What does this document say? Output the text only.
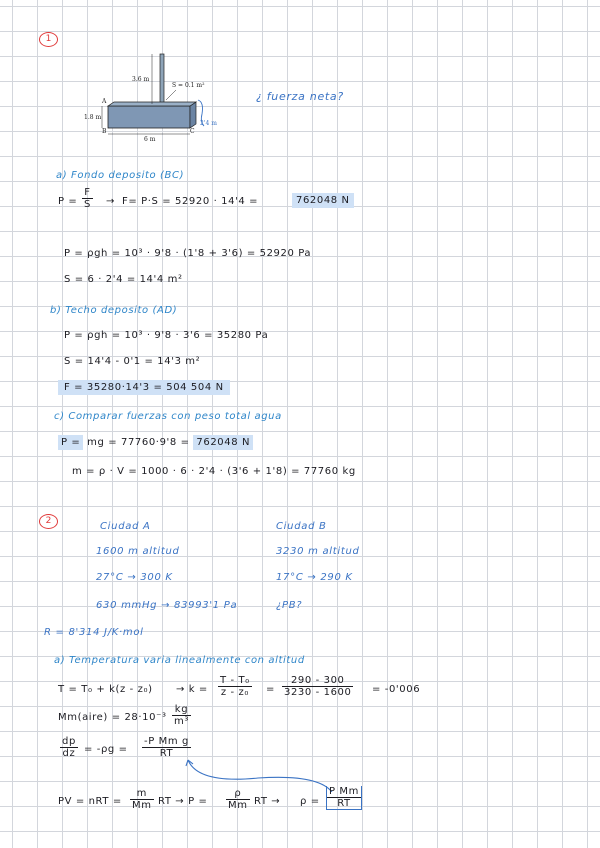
1
3.6 m
S = 0.1 m²
A
B	C
1.8 m
6 m
2'4 m
¿ fuerza neta?
a) Fondo deposito (BC)
$P = \frac{F}{S} \to F= P\cdot S = 52920 \cdot 14'4$ =	762048 N
P = ρgh = 10³ · 9'8 · (1'8 + 3'6) = 52920 Pa
S = 6 · 2'4 = 14'4 m²
b) Techo deposito (AD)
P = ρgh = 10³ · 9'8 · 3'6 = 35280 Pa
S = 14'4 - 0'1 = 14'3 m²
F = 35280·14'3 = 504 504 N
c) Comparar fuerzas con peso total agua
P = mg = 77760·9'8 = 762048 N
m = ρ · V = 1000 · 6 · 2'4 · (3'6 + 1'8) = 77760 kg
2	Ciudad A	Ciudad B
1600 m altitud	3230 m altitud
27°C → 300 K	17°C → 290 K
630 mmHg → 83993'1 Pa	¿PB?
R = 8'314 J/K·mol
a) Temperatura varia linealmente con altitud
$T = T_0 + k(z - z_0) \to k = \frac{\text{T - T₀}}{\text{z - z₀}} = \frac{290 - 300}{3230 - 1600} = -0'006$
Mm(aire) = $28\cdot 10^{-3} \frac{kg}{\text{m³}}$
$\frac{dp}{dz} = -\rho g = \frac{\text{-P Mm g}}{RT}$
PV = nRT = $\frac{m}{Mm}$ RT → $P = \frac{\rho}{Mm}$ RT → $\rho = \frac{\text{P Mm}}{RT}$
